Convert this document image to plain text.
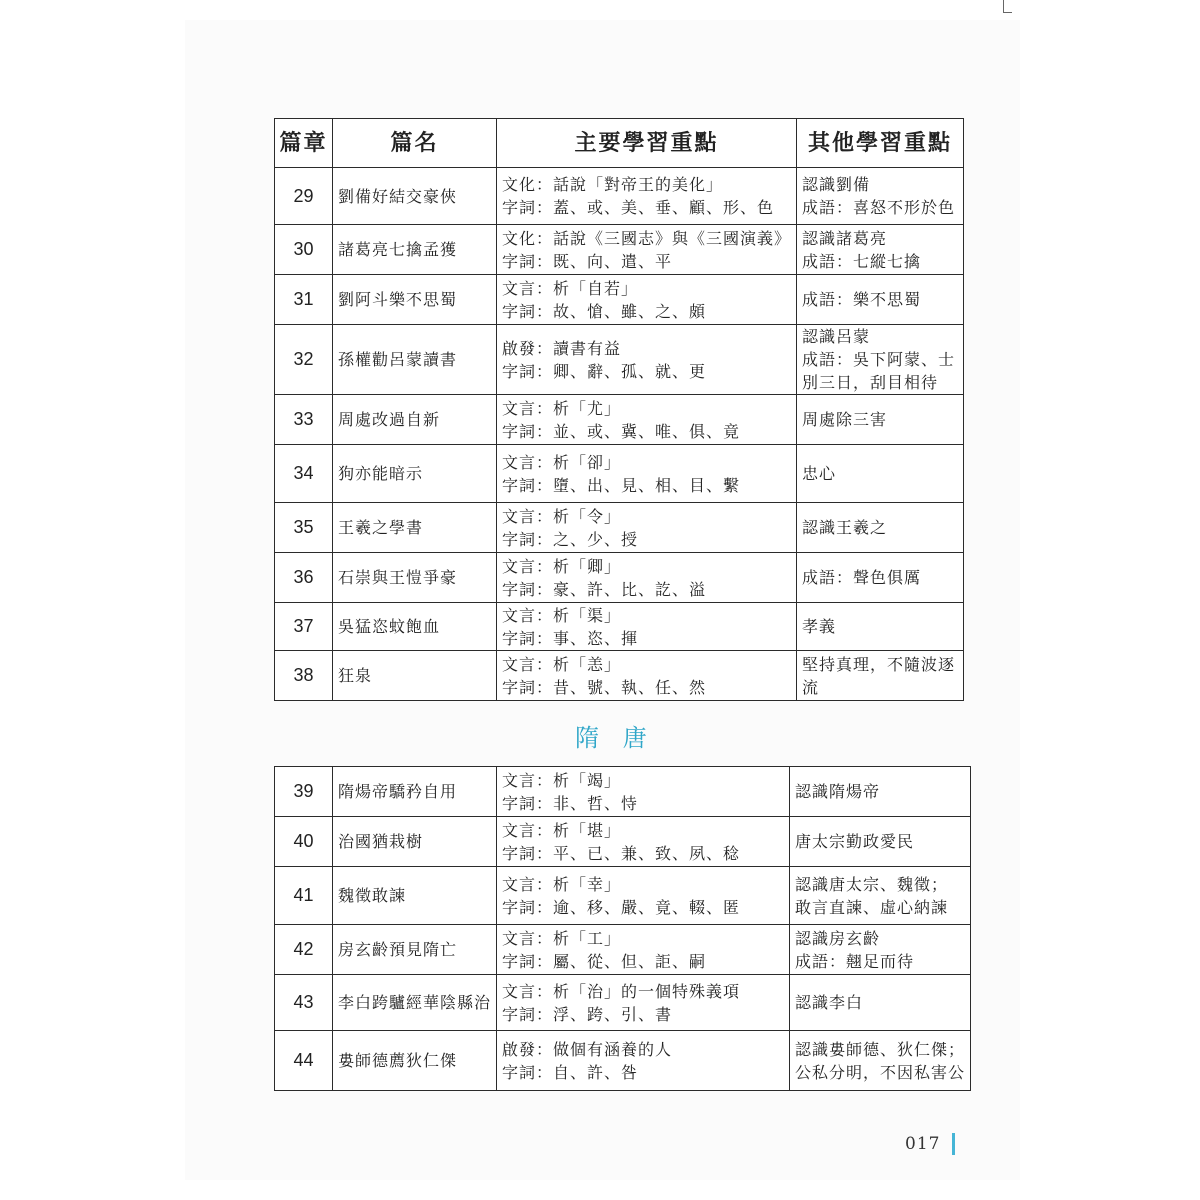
篇章	篇名	主要學習重點	其他學習重點
29	劉備好結交豪俠	文化：話說「對帝王的美化」
字詞：蓋、或、美、垂、顧、形、色	認識劉備
成語：喜怒不形於色

30	諸葛亮七擒孟獲	文化：話說《三國志》與《三國演義》
字詞：既、向、遣、平	認識諸葛亮
成語：七縱七擒

31	劉阿斗樂不思蜀	文言：析「自若」
字詞：故、愴、雖、之、頗	成語：樂不思蜀

32	孫權勸呂蒙讀書	啟發：讀書有益
字詞：卿、辭、孤、就、更	認識呂蒙
成語：吳下阿蒙、士
別三日，刮目相待

33	周處改過自新	文言：析「尤」
字詞：並、或、冀、唯、俱、竟	周處除三害

34	狗亦能暗示	文言：析「卻」
字詞：墮、出、見、相、目、繫	忠心

35	王羲之學書	文言：析「令」
字詞：之、少、授	認識王羲之

36	石崇與王愷爭豪	文言：析「卿」
字詞：豪、許、比、訖、溢	成語：聲色俱厲

37	吳猛恣蚊飽血	文言：析「渠」
字詞：事、恣、揮	孝義

38	狂泉	文言：析「恙」
字詞：昔、號、執、任、然	堅持真理，不隨波逐
流
隋 唐
39	隋煬帝驕矜自用	文言：析「竭」
字詞：非、哲、恃	認識隋煬帝

40	治國猶栽樹	文言：析「堪」
字詞：平、已、兼、致、夙、稔	唐太宗勤政愛民

41	魏徵敢諫	文言：析「幸」
字詞：逾、移、嚴、竟、輟、匿	認識唐太宗、魏徵；
敢言直諫、虛心納諫

42	房玄齡預見隋亡	文言：析「工」
字詞：屬、從、但、詎、嗣	認識房玄齡
成語：翹足而待

43	李白跨驢經華陰縣治	文言：析「治」的一個特殊義項
字詞：浮、跨、引、書	認識李白

44	婁師德薦狄仁傑	啟發：做個有涵養的人
字詞：自、許、咎	認識婁師德、狄仁傑；
公私分明，不因私害公
017
